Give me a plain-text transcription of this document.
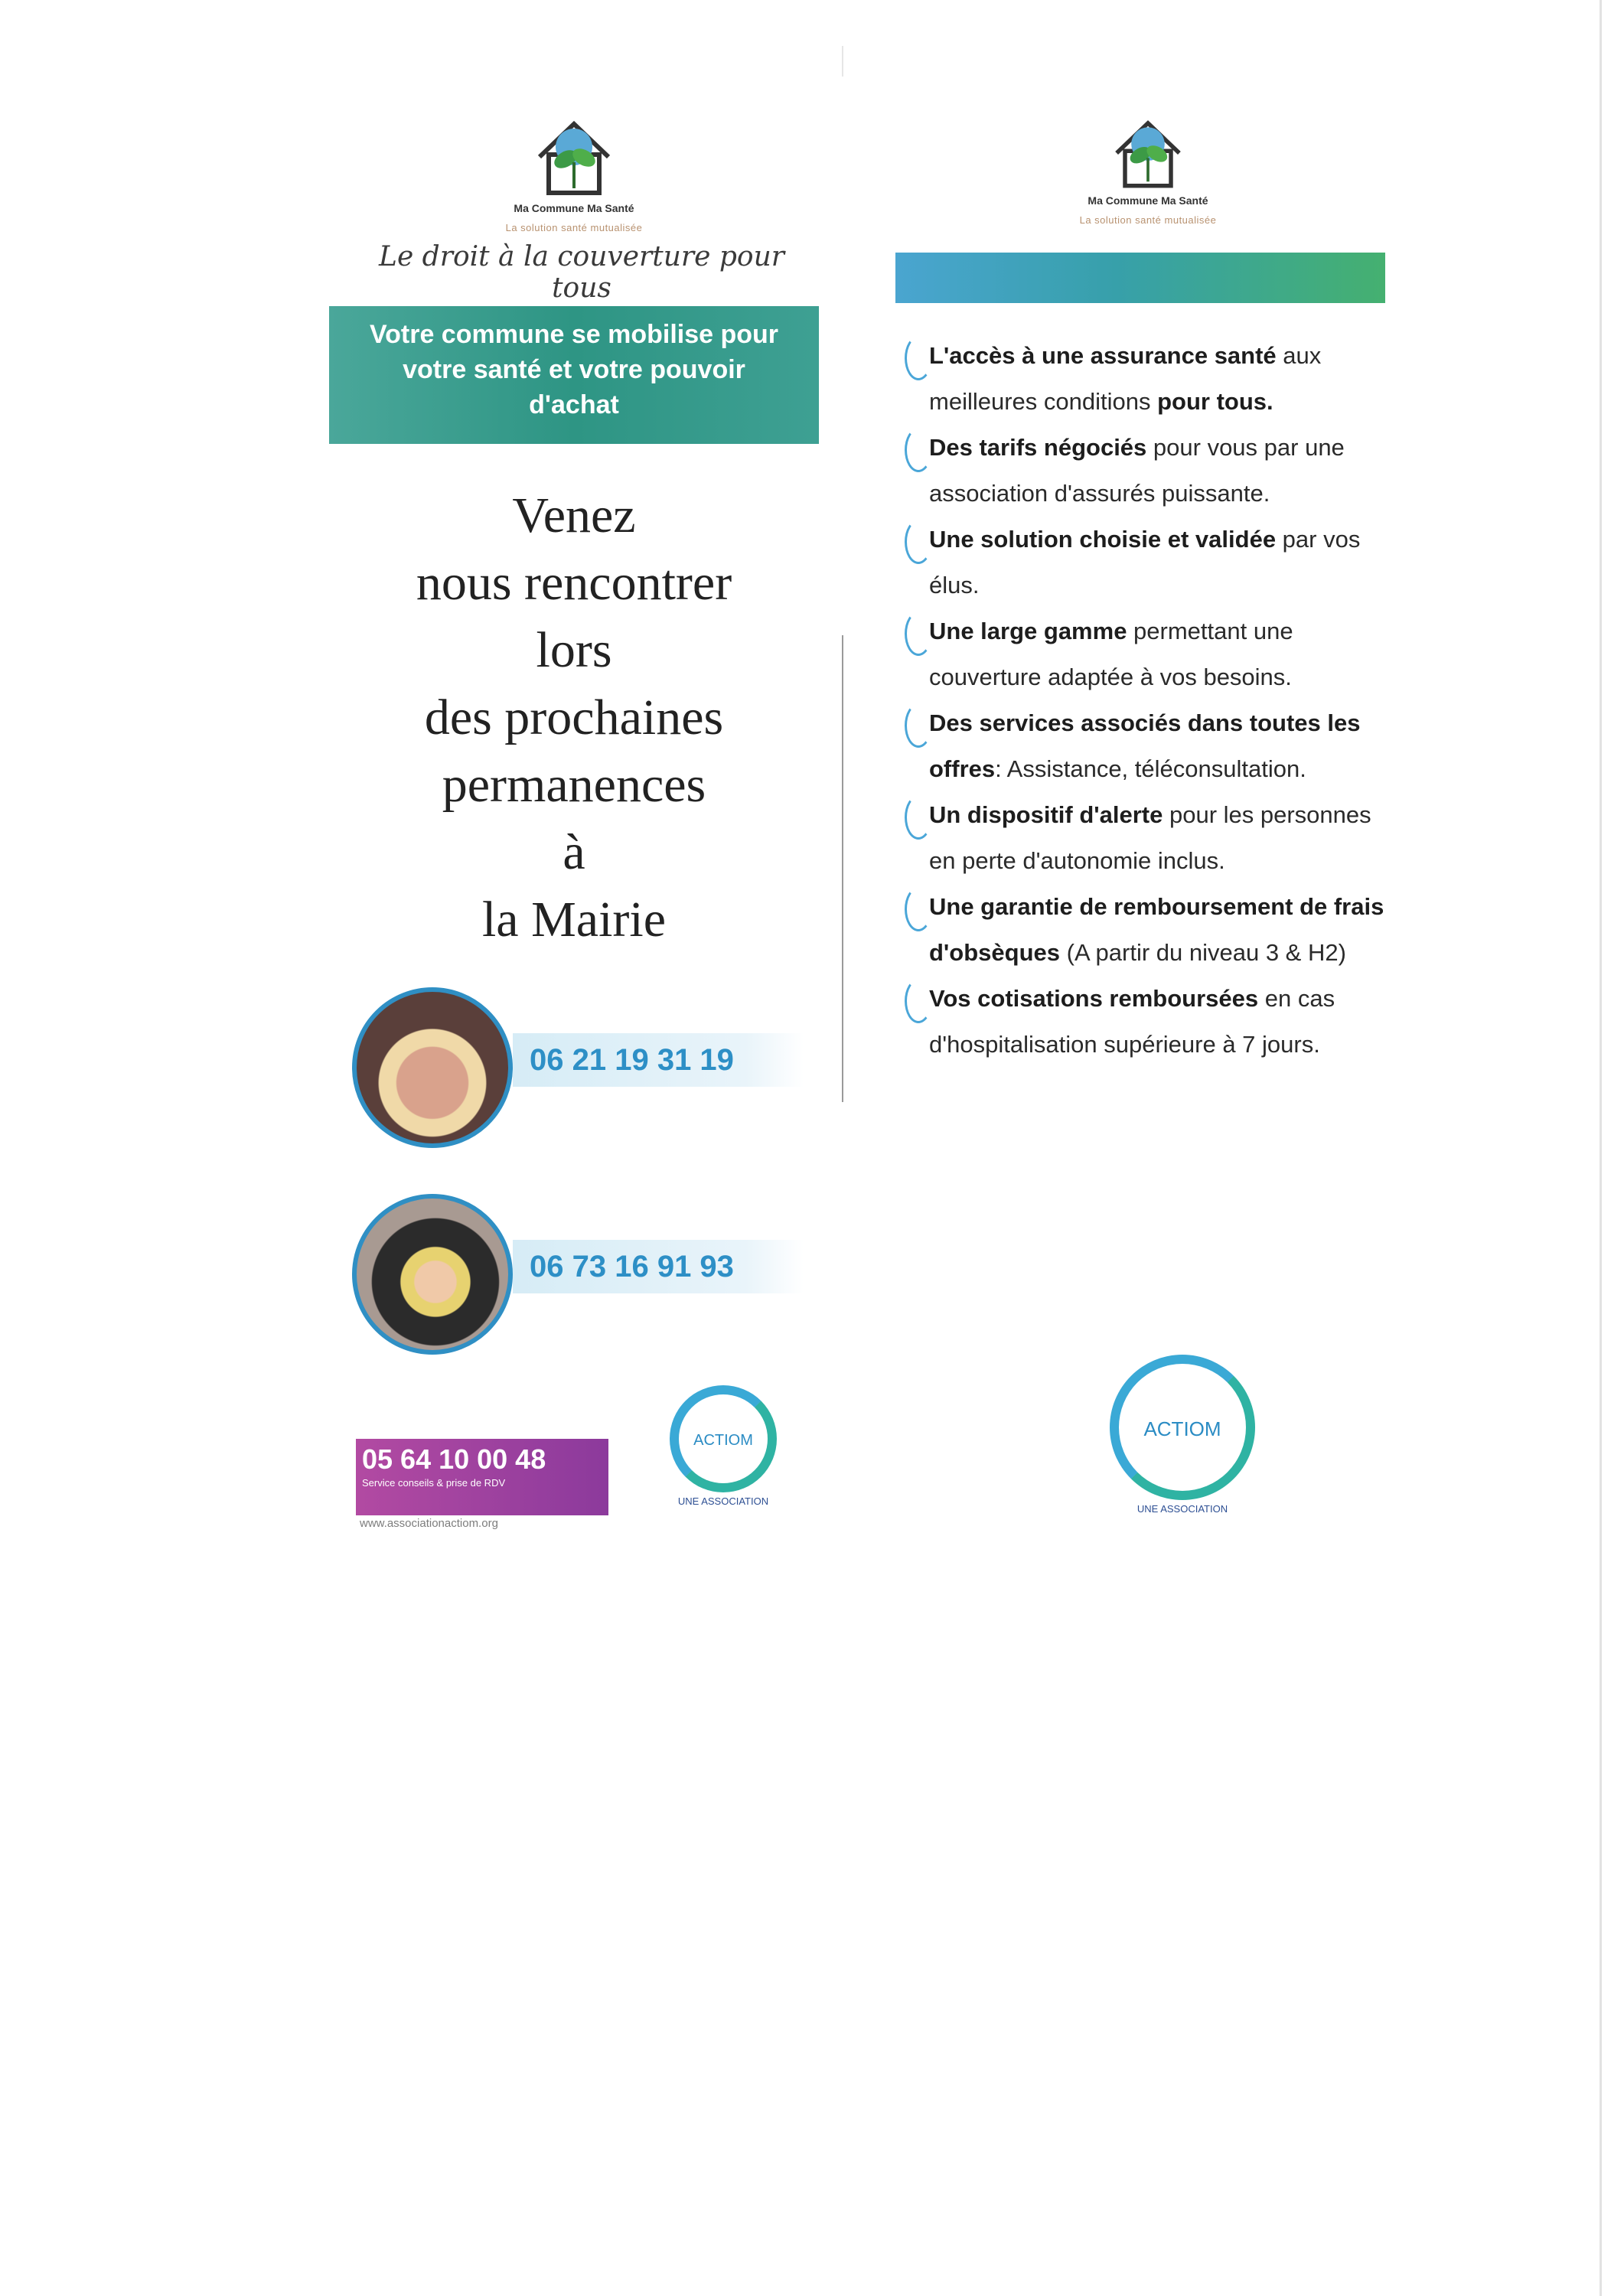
Ma Commune Ma Santé
La solution santé mutualisée
Le droit à la couverture pour tous
Votre commune se mobilise pour
votre santé et votre pouvoir
d'achat
Venez
nous rencontrer
lors
des prochaines
permanences
à
la Mairie
06 21 19 31 19
06 73 16 91 93
05 64 10 00 48
Service conseils & prise de RDV
www.associationactiom.org
ACTIOM
UNE ASSOCIATION
Ma Commune Ma Santé
La solution santé mutualisée
L'accès à une assurance santé aux meilleures conditions pour tous.
Des tarifs négociés pour vous par une association d'assurés puissante.
Une solution choisie et validée par vos élus.
Une large gamme permettant une couverture adaptée à vos besoins.
Des services associés dans toutes les offres: Assistance, téléconsultation.
Un dispositif d'alerte pour les personnes en perte d'autonomie inclus.
Une garantie de remboursement de frais d'obsèques (A partir du niveau 3 & H2)
Vos cotisations remboursées en cas d'hospitalisation supérieure à 7 jours.
ACTIOM
UNE ASSOCIATION
